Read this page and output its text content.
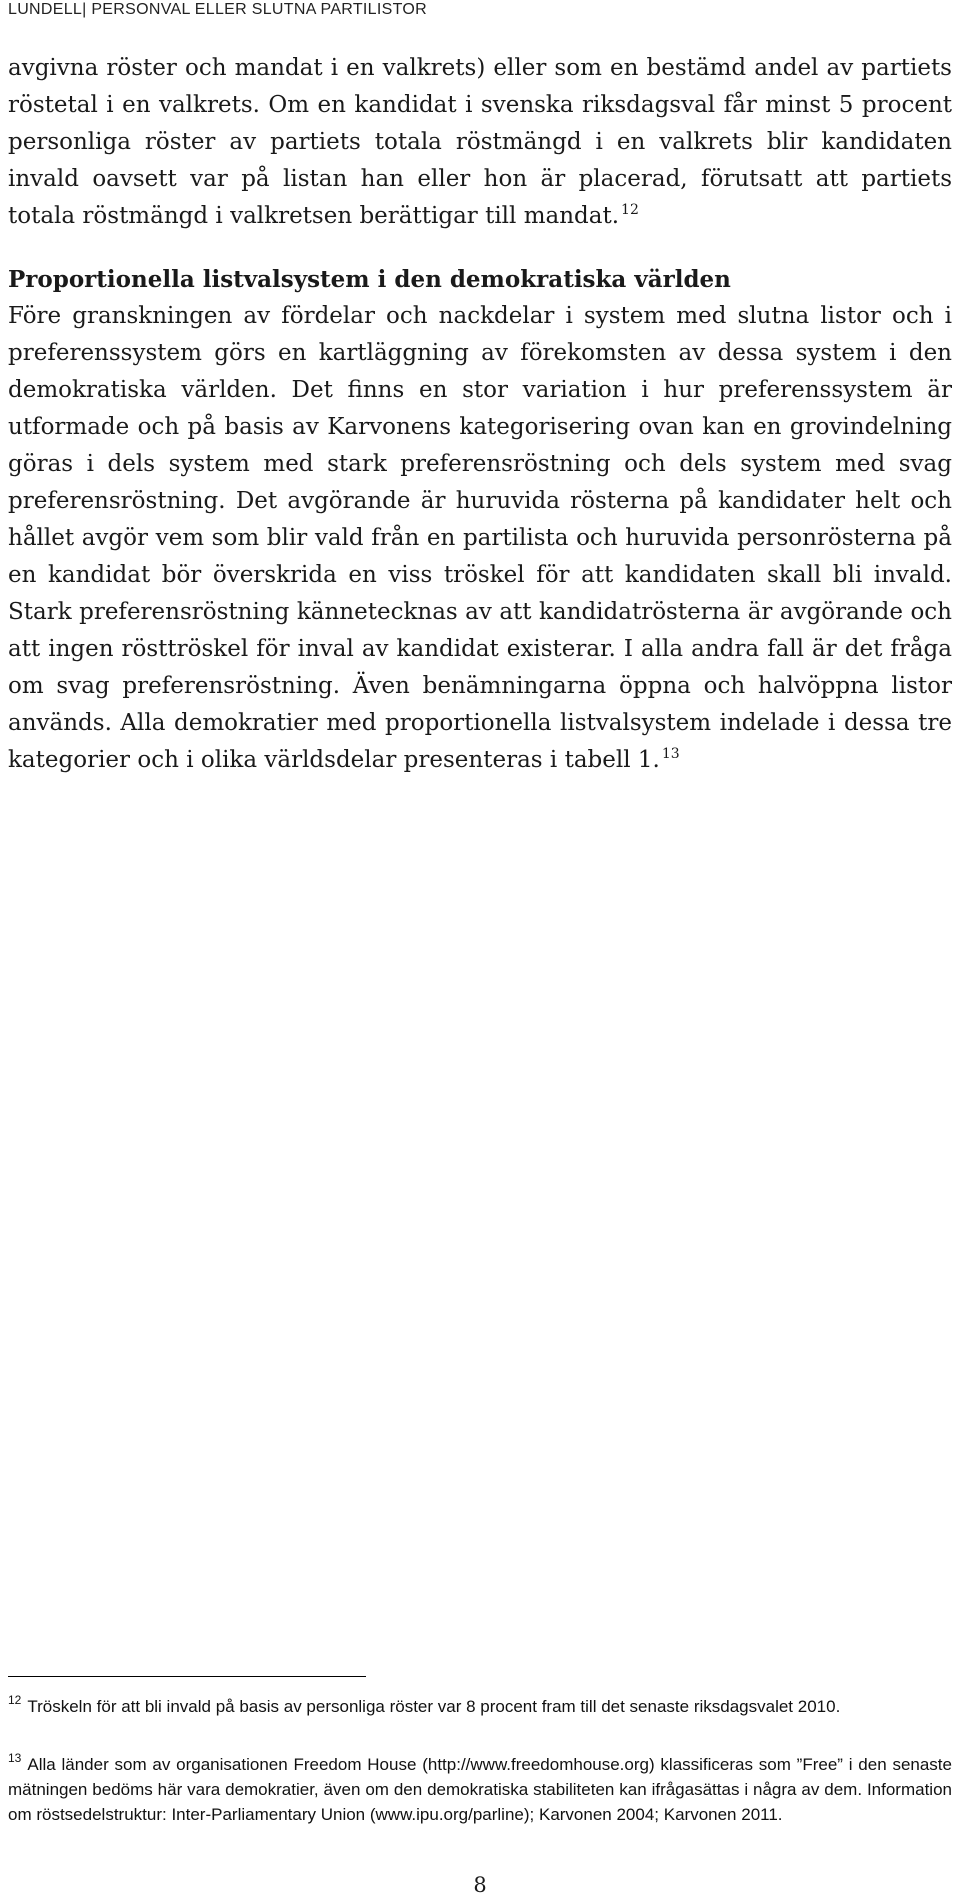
LUNDELL| PERSONVAL ELLER SLUTNA PARTILISTOR

avgivna röster och mandat i en valkrets) eller som en bestämd andel av partiets röstetal i en valkrets. Om en kandidat i svenska riksdagsval får minst 5 procent personliga röster av partiets totala röstmängd i en valkrets blir kandidaten invald oavsett var på listan han eller hon är placerad, förutsatt att partiets totala röstmängd i valkretsen berättigar till mandat. $^{12}$

Proportionella listvalsystem i den demokratiska världen

Före granskningen av fördelar och nackdelar i system med slutna listor och i preferenssystem görs en kartläggning av förekomsten av dessa system i den demokratiska världen. Det finns en stor variation i hur preferenssystem är utformade och på basis av Karvonens kategorisering ovan kan en grovindelning göras i dels system med stark preferensröstning och dels system med svag preferensröstning. Det avgörande är huruvida rösterna på kandidater helt och hållet avgör vem som blir vald från en partilista och huruvida personrösterna på en kandidat bör överskrida en viss tröskel för att kandidaten skall bli invald. Stark preferensröstning kännetecknas av att kandidatrösterna är avgörande och att ingen rösttröskel för inval av kandidat existerar. I alla andra fall är det fråga om svag preferensröstning. Även benämningarna öppna och halvöppna listor används. Alla demokratier med proportionella listvalsystem indelade i dessa tre kategorier och i olika världsdelar presenteras i tabell 1. $^{13}$

$^{12}$ Tröskeln för att bli invald på basis av personliga röster var 8 procent fram till det senaste riksdagsvalet 2010.

$^{13}$ Alla länder som av organisationen Freedom House (http://www.freedomhouse.org) klassificeras som ”Free” i den senaste mätningen bedöms här vara demokratier, även om den demokratiska stabiliteten kan ifrågasättas i några av dem. Information om röstsedelstruktur: Inter-Parliamentary Union (www.ipu.org/parline); Karvonen 2004; Karvonen 2011.

8
